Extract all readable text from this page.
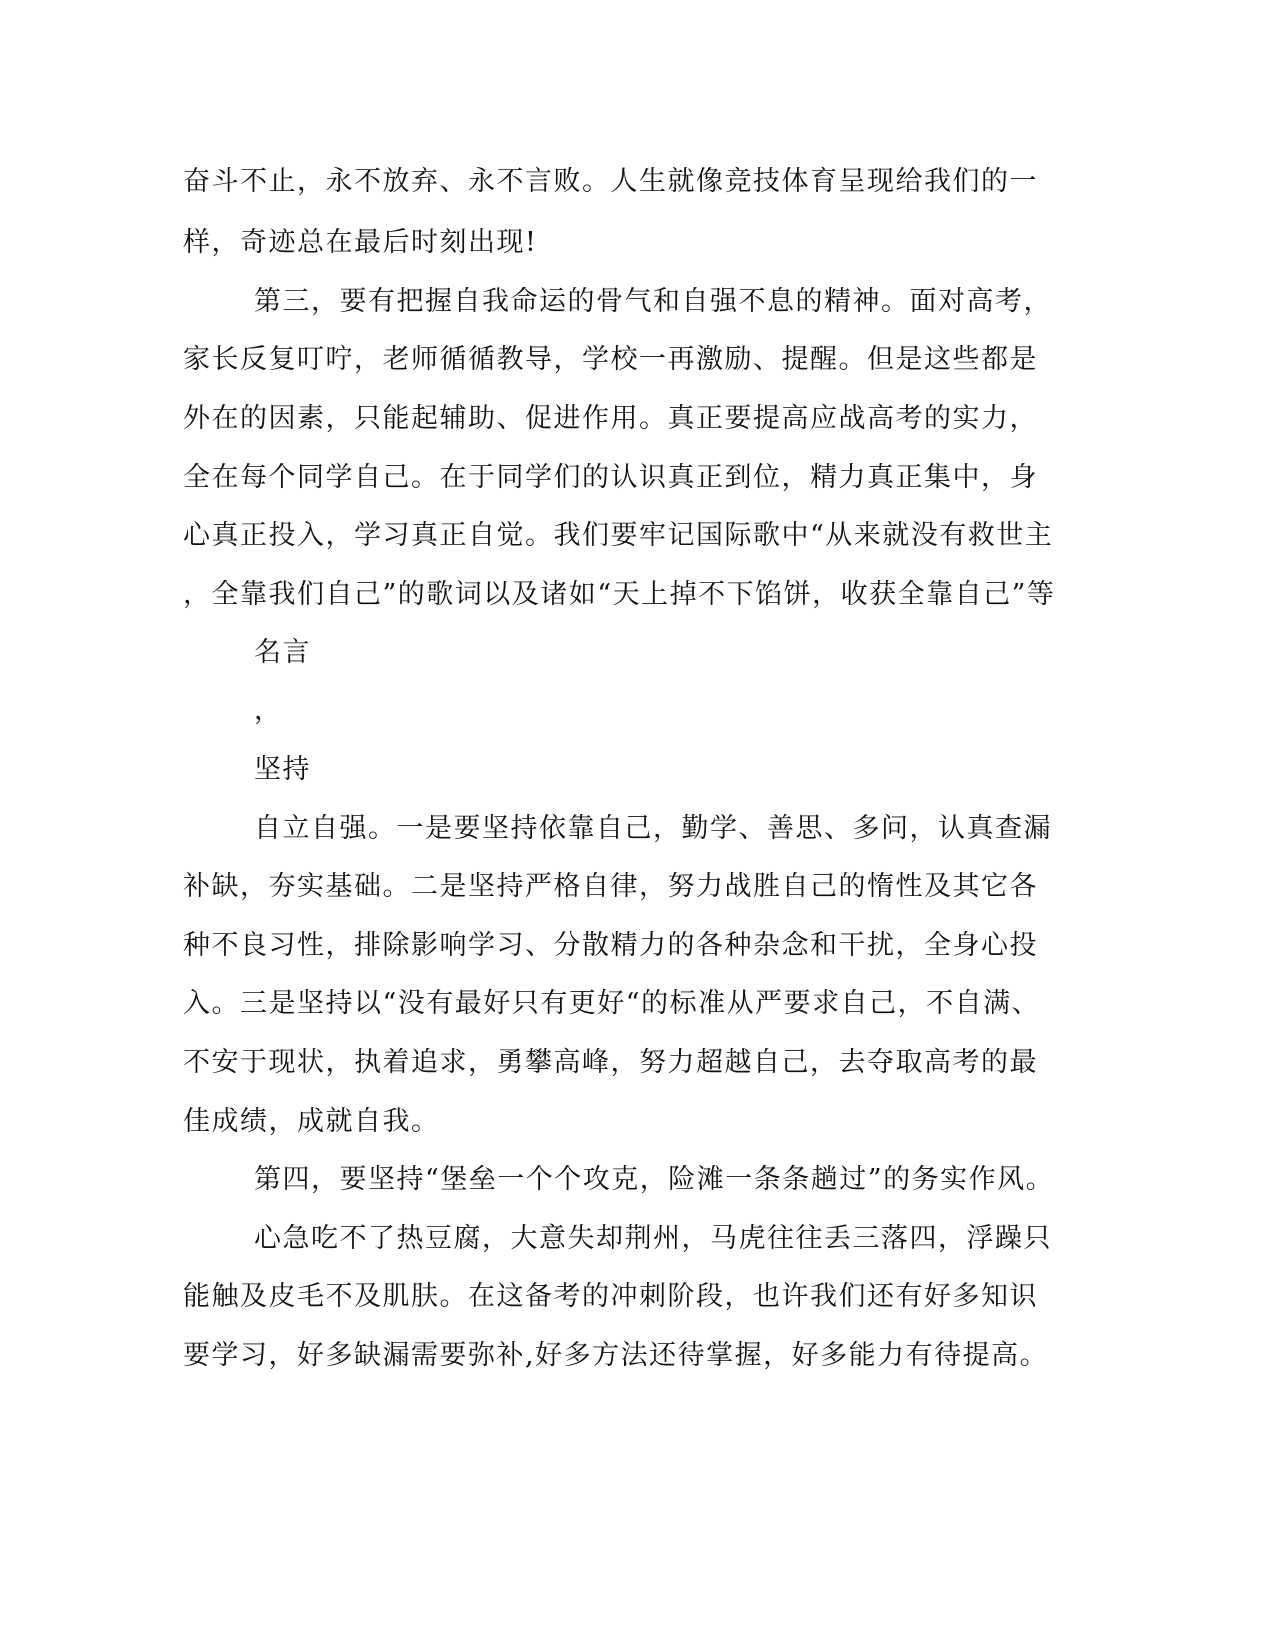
奋斗不止，永不放弃、永不言败。人生就像竞技体育呈现给我们的一
样，奇迹总在最后时刻出现!
第三，要有把握自我命运的骨气和自强不息的精神。面对高考，
家长反复叮咛，老师循循教导，学校一再激励、提醒。但是这些都是
外在的因素，只能起辅助、促进作用。真正要提高应战高考的实力，
全在每个同学自己。在于同学们的认识真正到位，精力真正集中，身
心真正投入，学习真正自觉。我们要牢记国际歌中“从来就没有救世主
，全靠我们自己”的歌词以及诸如“天上掉不下馅饼，收获全靠自己”等
名言
，
坚持
自立自强。一是要坚持依靠自己，勤学、善思、多问，认真查漏
补缺，夯实基础。二是坚持严格自律，努力战胜自己的惰性及其它各
种不良习性，排除影响学习、分散精力的各种杂念和干扰，全身心投
入。三是坚持以“没有最好只有更好“的标准从严要求自己，不自满、
不安于现状，执着追求，勇攀高峰，努力超越自己，去夺取高考的最
佳成绩，成就自我。
第四，要坚持“堡垒一个个攻克，险滩一条条趟过”的务实作风。
心急吃不了热豆腐，大意失却荆州，马虎往往丢三落四，浮躁只
能触及皮毛不及肌肤。在这备考的冲刺阶段，也许我们还有好多知识
要学习，好多缺漏需要弥补,好多方法还待掌握，好多能力有待提高。
